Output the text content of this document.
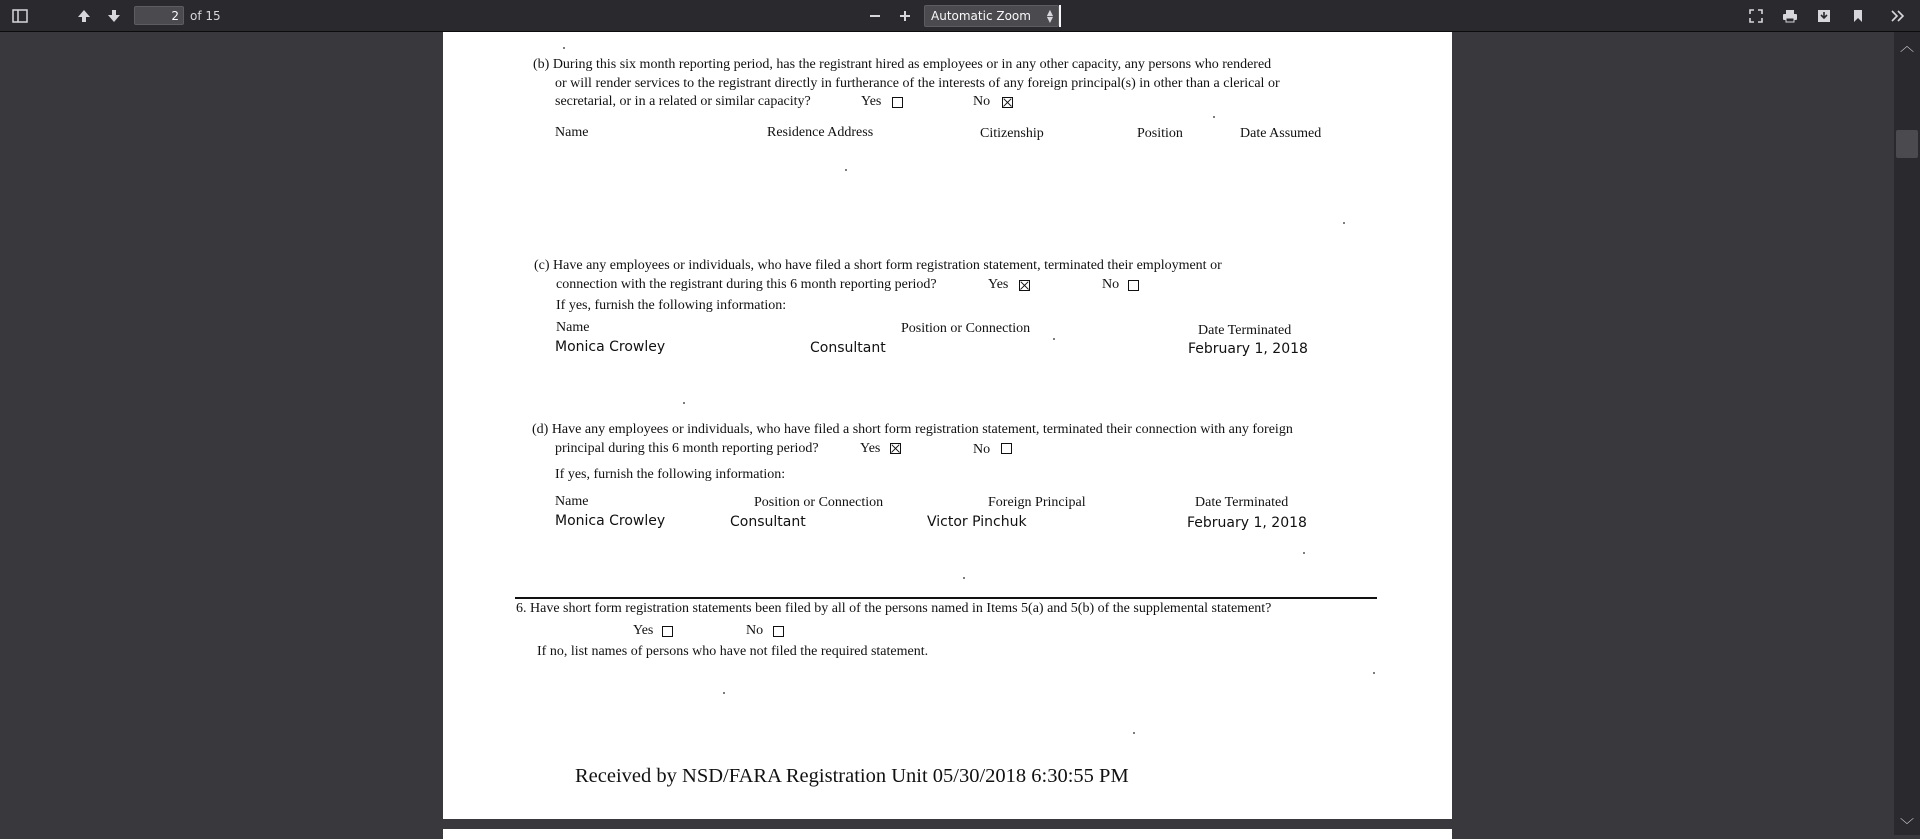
2
of 15	Automatic Zoom ▲
▼
︿
﹀
(b) During this six month reporting period, has the registrant hired as employees or in any other capacity, any persons who rendered
or will render services to the registrant directly in furtherance of the interests of any foreign principal(s) in other than a clerical or
secretarial, or in a related or similar capacity?	Yes	No
Name	Residence Address	Citizenship	Position	Date Assumed
(c) Have any employees or individuals, who have filed a short form registration statement, terminated their employment or
connection with the registrant during this 6 month reporting period?	Yes	No
If yes, furnish the following information:
Name	Position or Connection	Date Terminated
Monica Crowley	Consultant	February 1, 2018
(d) Have any employees or individuals, who have filed a short form registration statement, terminated their connection with any foreign
principal during this 6 month reporting period?	Yes	No
If yes, furnish the following information:
Name	Position or Connection	Foreign Principal	Date Terminated
Monica Crowley	Consultant	Victor Pinchuk	February 1, 2018
6. Have short form registration statements been filed by all of the persons named in Items 5(a) and 5(b) of the supplemental statement?
Yes	No
If no, list names of persons who have not filed the required statement.
Received by NSD/FARA Registration Unit 05/30/2018 6:30:55 PM
